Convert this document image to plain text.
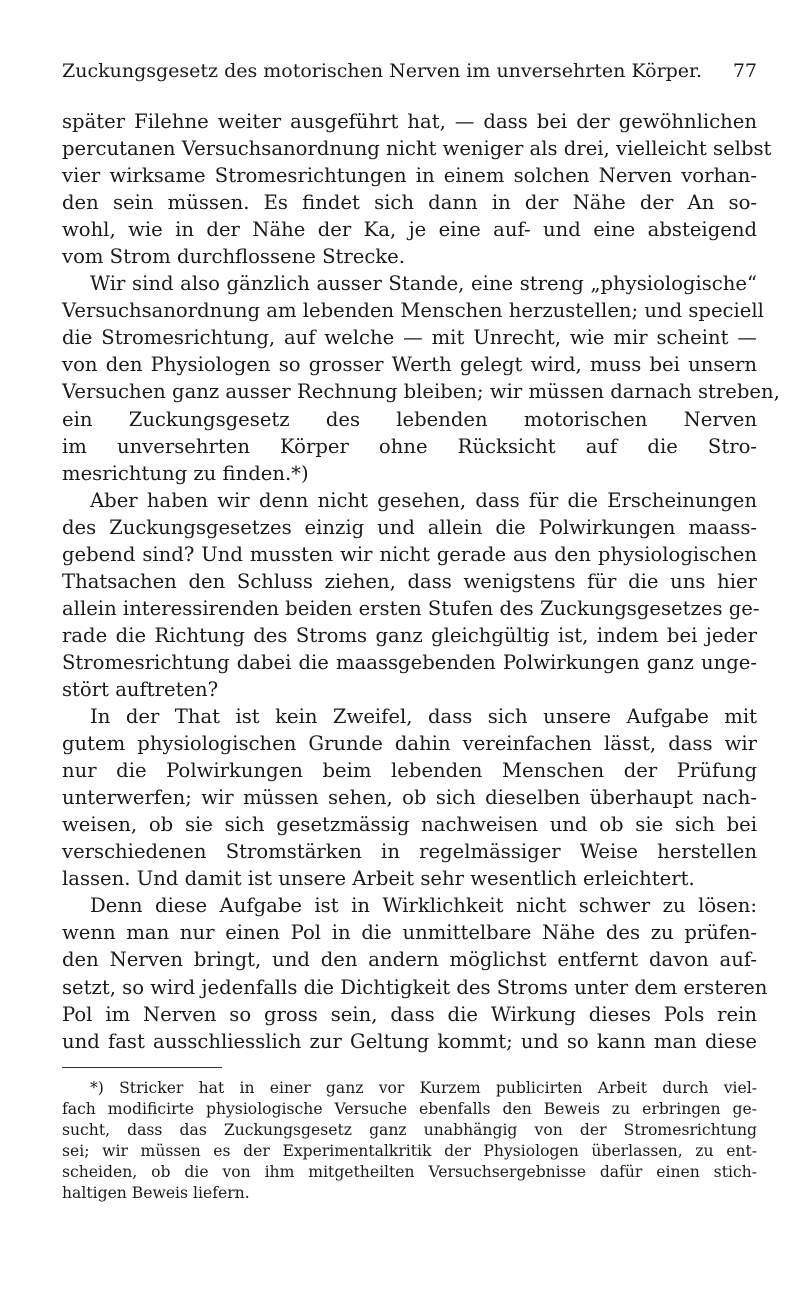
Zuckungsgesetz des motorischen Nerven im unversehrten Körper. 77
später Filehne weiter ausgeführt hat, — dass bei der gewöhnlichen
percutanen Versuchsanordnung nicht weniger als drei, vielleicht selbst
vier wirksame Stromesrichtungen in einem solchen Nerven vorhan-
den sein müssen. Es findet sich dann in der Nähe der An so-
wohl, wie in der Nähe der Ka, je eine auf- und eine absteigend
vom Strom durchflossene Strecke.
Wir sind also gänzlich ausser Stande, eine streng „physiologische“
Versuchsanordnung am lebenden Menschen herzustellen; und speciell
die Stromesrichtung, auf welche — mit Unrecht, wie mir scheint —
von den Physiologen so grosser Werth gelegt wird, muss bei unsern
Versuchen ganz ausser Rechnung bleiben; wir müssen darnach streben,
ein Zuckungsgesetz des lebenden motorischen Nerven
im unversehrten Körper ohne Rücksicht auf die Stro-
mesrichtung zu finden.*)
Aber haben wir denn nicht gesehen, dass für die Erscheinungen
des Zuckungsgesetzes einzig und allein die Polwirkungen maass-
gebend sind? Und mussten wir nicht gerade aus den physiologischen
Thatsachen den Schluss ziehen, dass wenigstens für die uns hier
allein interessirenden beiden ersten Stufen des Zuckungsgesetzes ge-
rade die Richtung des Stroms ganz gleichgültig ist, indem bei jeder
Stromesrichtung dabei die maassgebenden Polwirkungen ganz unge-
stört auftreten?
In der That ist kein Zweifel, dass sich unsere Aufgabe mit
gutem physiologischen Grunde dahin vereinfachen lässt, dass wir
nur die Polwirkungen beim lebenden Menschen der Prüfung
unterwerfen; wir müssen sehen, ob sich dieselben überhaupt nach-
weisen, ob sie sich gesetzmässig nachweisen und ob sie sich bei
verschiedenen Stromstärken in regelmässiger Weise herstellen
lassen. Und damit ist unsere Arbeit sehr wesentlich erleichtert.
Denn diese Aufgabe ist in Wirklichkeit nicht schwer zu lösen:
wenn man nur einen Pol in die unmittelbare Nähe des zu prüfen-
den Nerven bringt, und den andern möglichst entfernt davon auf-
setzt, so wird jedenfalls die Dichtigkeit des Stroms unter dem ersteren
Pol im Nerven so gross sein, dass die Wirkung dieses Pols rein
und fast ausschliesslich zur Geltung kommt; und so kann man diese
*) Stricker hat in einer ganz vor Kurzem publicirten Arbeit durch viel-
fach modificirte physiologische Versuche ebenfalls den Beweis zu erbringen ge-
sucht, dass das Zuckungsgesetz ganz unabhängig von der Stromesrichtung
sei; wir müssen es der Experimentalkritik der Physiologen überlassen, zu ent-
scheiden, ob die von ihm mitgetheilten Versuchsergebnisse dafür einen stich-
haltigen Beweis liefern.
